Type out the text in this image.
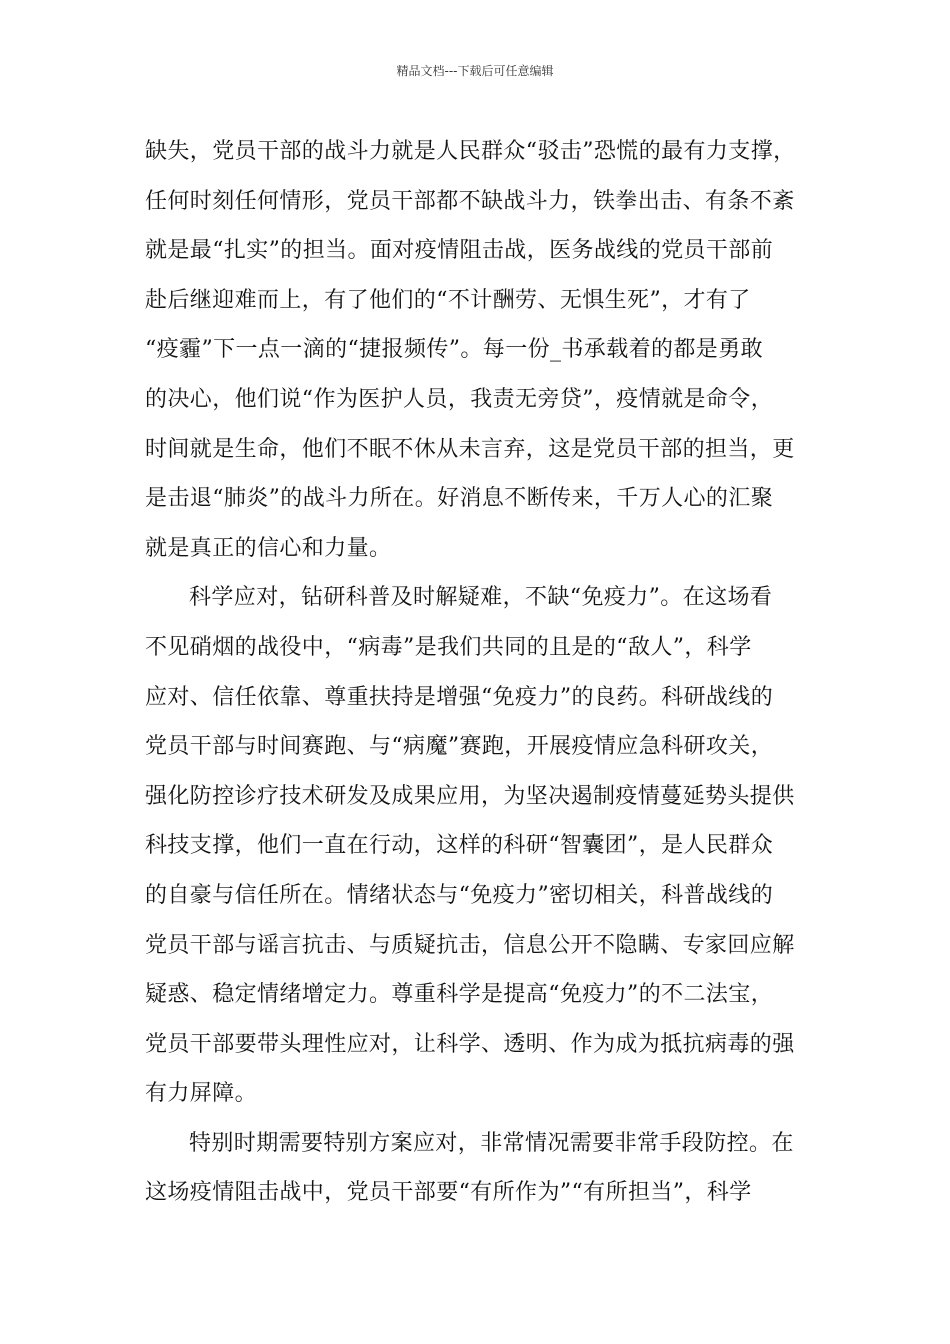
精品文档---下载后可任意编辑
缺失，党员干部的战斗力就是人民群众“驳击”恐慌的最有力支撑，
任何时刻任何情形，党员干部都不缺战斗力，铁拳出击、有条不紊
就是最“扎实”的担当。面对疫情阻击战，医务战线的党员干部前
赴后继迎难而上，有了他们的“不计酬劳、无惧生死”，才有了
“疫霾”下一点一滴的“捷报频传”。每一份_书承载着的都是勇敢
的决心，他们说“作为医护人员，我责无旁贷”，疫情就是命令，
时间就是生命，他们不眠不休从未言弃，这是党员干部的担当，更
是击退“肺炎”的战斗力所在。好消息不断传来，千万人心的汇聚
就是真正的信心和力量。
科学应对，钻研科普及时解疑难，不缺“免疫力”。在这场看
不见硝烟的战役中，“病毒”是我们共同的且是的“敌人”，科学
应对、信任依靠、尊重扶持是增强“免疫力”的良药。科研战线的
党员干部与时间赛跑、与“病魔”赛跑，开展疫情应急科研攻关，
强化防控诊疗技术研发及成果应用，为坚决遏制疫情蔓延势头提供
科技支撑，他们一直在行动，这样的科研“智囊团”，是人民群众
的自豪与信任所在。情绪状态与“免疫力”密切相关，科普战线的
党员干部与谣言抗击、与质疑抗击，信息公开不隐瞒、专家回应解
疑惑、稳定情绪增定力。尊重科学是提高“免疫力”的不二法宝，
党员干部要带头理性应对，让科学、透明、作为成为抵抗病毒的强
有力屏障。
特别时期需要特别方案应对，非常情况需要非常手段防控。在
这场疫情阻击战中，党员干部要“有所作为”“有所担当”，科学
